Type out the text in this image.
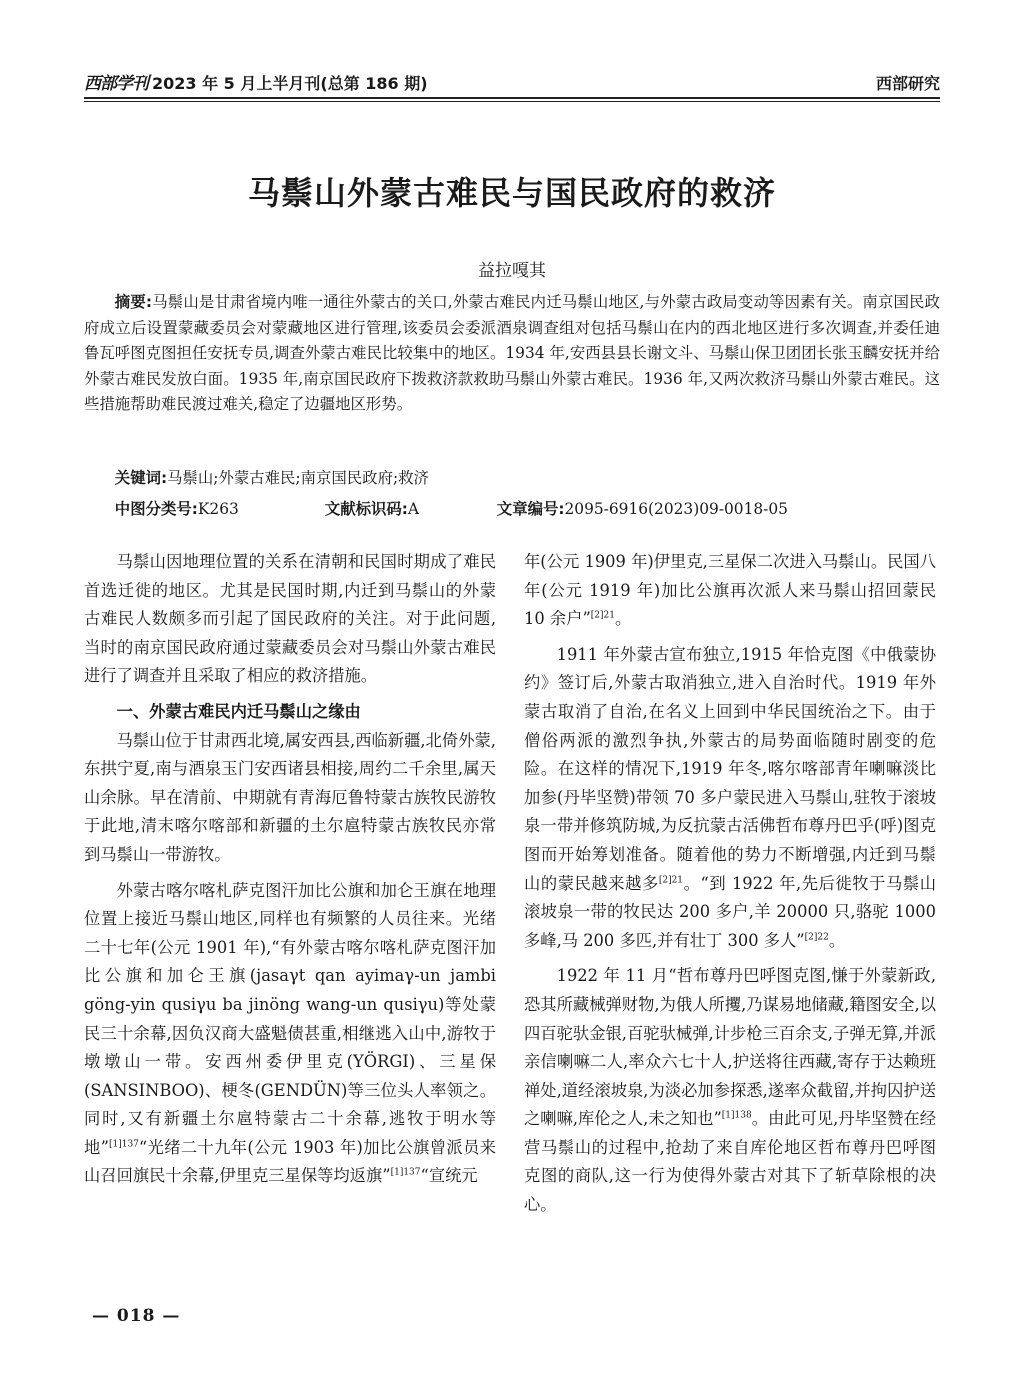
西部学刊 2023 年 5 月上半月刊(总第 186 期)	西部研究
马鬃山外蒙古难民与国民政府的救济
益拉嘎其
摘要:马鬃山是甘肃省境内唯一通往外蒙古的关口,外蒙古难民内迁马鬃山地区,与外蒙古政局变动等因素有关。南京国民政府成立后设置蒙藏委员会对蒙藏地区进行管理,该委员会委派酒泉调查组对包括马鬃山在内的西北地区进行多次调查,并委任迪鲁瓦呼图克图担任安抚专员,调查外蒙古难民比较集中的地区。1934 年,安西县县长谢文斗、马鬃山保卫团团长张玉麟安抚并给外蒙古难民发放白面。1935 年,南京国民政府下拨救济款救助马鬃山外蒙古难民。1936 年,又两次救济马鬃山外蒙古难民。这些措施帮助难民渡过难关,稳定了边疆地区形势。
关键词:马鬃山;外蒙古难民;南京国民政府;救济
中图分类号:K263	文献标识码:A	文章编号:2095-6916(2023)09-0018-05

马鬃山因地理位置的关系在清朝和民国时期成了难民首选迁徙的地区。尤其是民国时期,内迁到马鬃山的外蒙古难民人数颇多而引起了国民政府的关注。对于此问题,当时的南京国民政府通过蒙藏委员会对马鬃山外蒙古难民进行了调查并且采取了相应的救济措施。

一、外蒙古难民内迁马鬃山之缘由

马鬃山位于甘肃西北境,属安西县,西临新疆,北倚外蒙,东拱宁夏,南与酒泉玉门安西诸县相接,周约二千余里,属天山余脉。早在清前、中期就有青海厄鲁特蒙古族牧民游牧于此地,清末喀尔喀部和新疆的土尔扈特蒙古族牧民亦常到马鬃山一带游牧。

外蒙古喀尔喀札萨克图汗加比公旗和加仑王旗在地理位置上接近马鬃山地区,同样也有频繁的人员往来。光绪二十七年(公元 1901 年),“有外蒙古喀尔喀札萨克图汗加比公旗和加仑王旗(jasaγt qan ayimaγ-un jambi göng-yin qusiγu ba jinöng wang-un qusiγu)等处蒙民三十余幕,因负汉商大盛魁债甚重,相继逃入山中,游牧于墩墩山一带。安西州委伊里克(YÖRGI)、三星保(SANSINBOO)、梗冬(GENDÜN)等三位头人率领之。同时,又有新疆土尔扈特蒙古二十余幕,逃牧于明水等地”$^{[1]137}$“光绪二十九年(公元 1903 年)加比公旗曾派员来山召回旗民十余幕,伊里克三星保等均返旗”$^{[1]137}$“宣统元

年(公元 1909 年)伊里克,三星保二次进入马鬃山。民国八年(公元 1919 年)加比公旗再次派人来马鬃山招回蒙民 10 余户”$^{[2]21}$。

1911 年外蒙古宣布独立,1915 年恰克图《中俄蒙协约》签订后,外蒙古取消独立,进入自治时代。1919 年外蒙古取消了自治,在名义上回到中华民国统治之下。由于僧俗两派的激烈争执,外蒙古的局势面临随时剧变的危险。在这样的情况下,1919 年冬,喀尔喀部青年喇嘛淡比加参(丹毕坚赞)带领 70 多户蒙民进入马鬃山,驻牧于滚坡泉一带并修筑防城,为反抗蒙古活佛哲布尊丹巴乎(呼)图克图而开始筹划准备。随着他的势力不断增强,内迁到马鬃山的蒙民越来越多$^{[2]21}$。“到 1922 年,先后徙牧于马鬃山滚坡泉一带的牧民达 200 多户,羊 20000 只,骆驼 1000 多峰,马 200 多匹,并有壮丁 300 多人”$^{[2]22}$。

1922 年 11 月“哲布尊丹巴呼图克图,慊于外蒙新政,恐其所藏械弹财物,为俄人所攫,乃谋易地储藏,籍图安全,以四百驼驮金银,百驼驮械弹,计步枪三百余支,子弹无算,并派亲信喇嘛二人,率众六七十人,护送将往西藏,寄存于达赖班禅处,道经滚坡泉,为淡必加参探悉,遂率众截留,并拘囚护送之喇嘛,库伦之人,未之知也”$^{[1]138}$。由此可见,丹毕坚赞在经营马鬃山的过程中,抢劫了来自库伦地区哲布尊丹巴呼图克图的商队,这一行为使得外蒙古对其下了斩草除根的决心。

— 018 —
